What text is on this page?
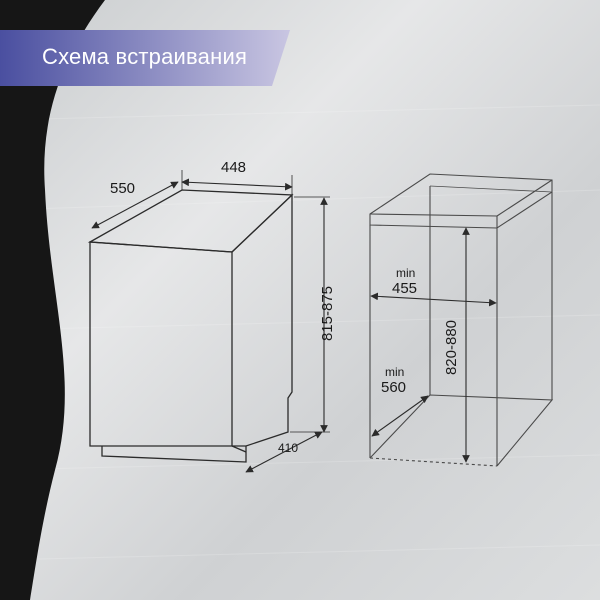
Схема встраивания
448
550
815-875
410
min
455
820-880
min
560
